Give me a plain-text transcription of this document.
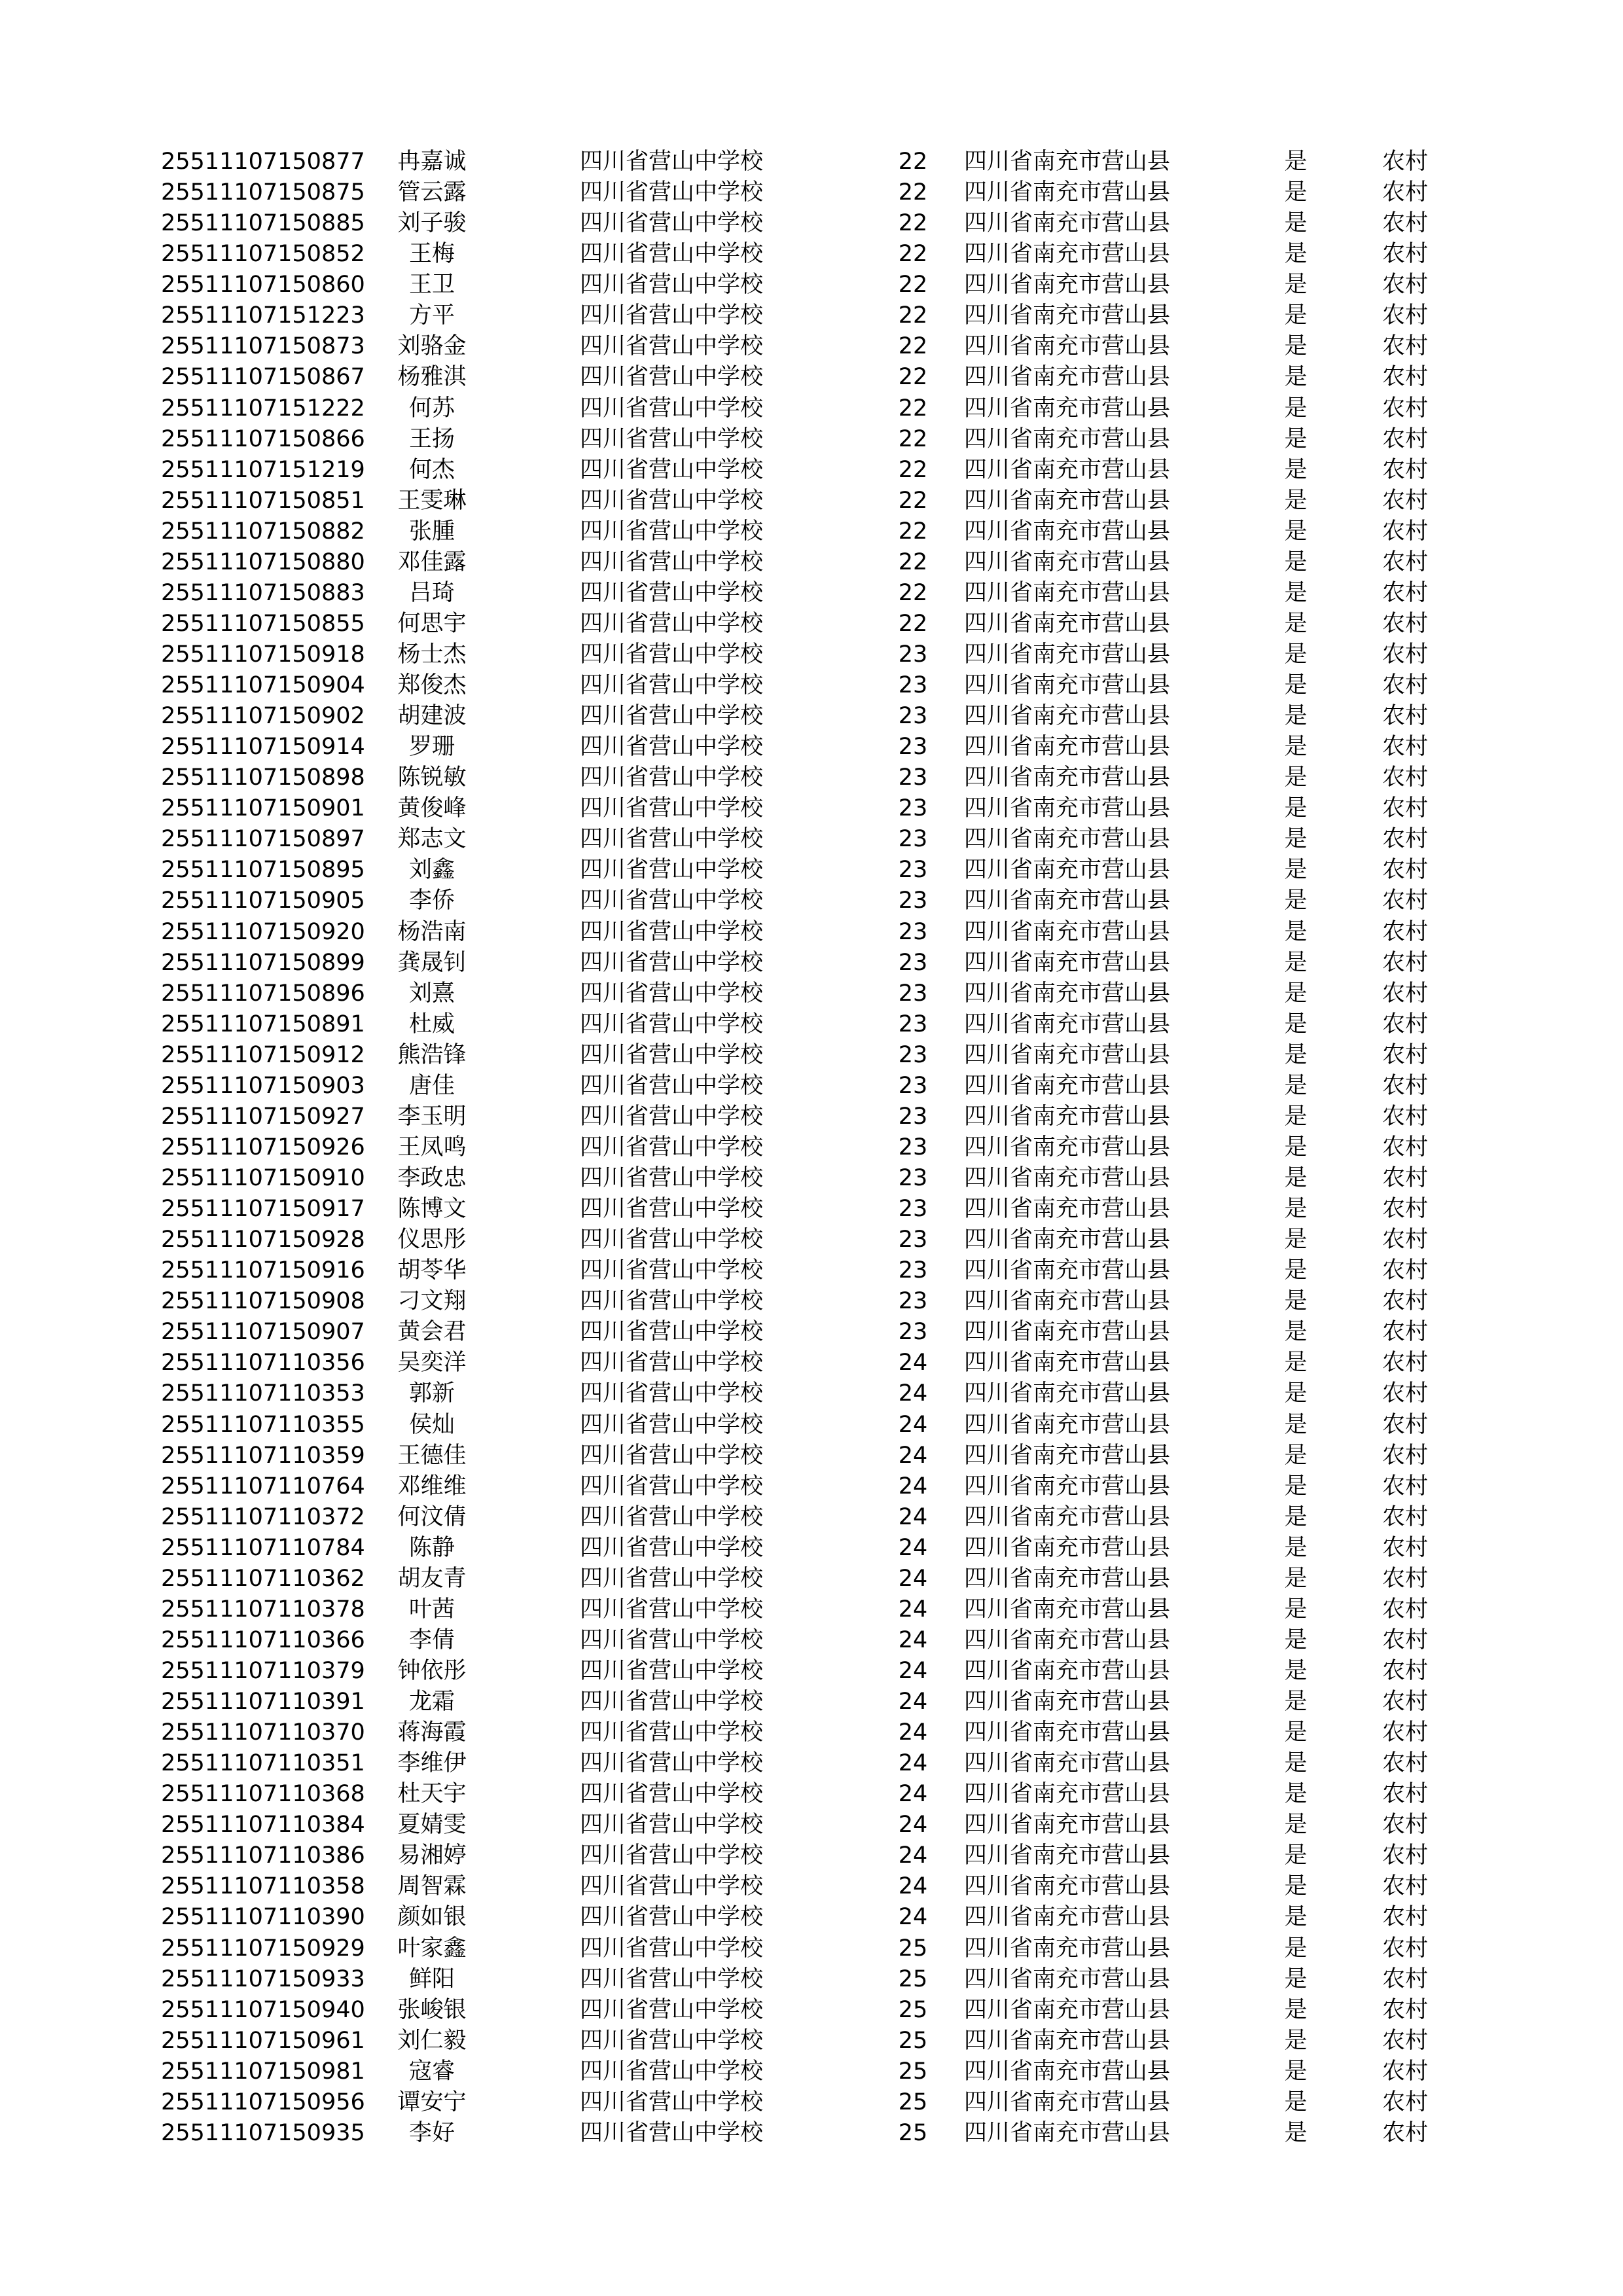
25511107150877	冉嘉诚	四川省营山中学校	22	四川省南充市营山县	是	农村
25511107150875	管云露	四川省营山中学校	22	四川省南充市营山县	是	农村
25511107150885	刘子骏	四川省营山中学校	22	四川省南充市营山县	是	农村
25511107150852	王梅	四川省营山中学校	22	四川省南充市营山县	是	农村
25511107150860	王卫	四川省营山中学校	22	四川省南充市营山县	是	农村
25511107151223	方平	四川省营山中学校	22	四川省南充市营山县	是	农村
25511107150873	刘骆金	四川省营山中学校	22	四川省南充市营山县	是	农村
25511107150867	杨雅淇	四川省营山中学校	22	四川省南充市营山县	是	农村
25511107151222	何苏	四川省营山中学校	22	四川省南充市营山县	是	农村
25511107150866	王扬	四川省营山中学校	22	四川省南充市营山县	是	农村
25511107151219	何杰	四川省营山中学校	22	四川省南充市营山县	是	农村
25511107150851	王雯琳	四川省营山中学校	22	四川省南充市营山县	是	农村
25511107150882	张腫	四川省营山中学校	22	四川省南充市营山县	是	农村
25511107150880	邓佳露	四川省营山中学校	22	四川省南充市营山县	是	农村
25511107150883	吕琦	四川省营山中学校	22	四川省南充市营山县	是	农村
25511107150855	何思宇	四川省营山中学校	22	四川省南充市营山县	是	农村
25511107150918	杨士杰	四川省营山中学校	23	四川省南充市营山县	是	农村
25511107150904	郑俊杰	四川省营山中学校	23	四川省南充市营山县	是	农村
25511107150902	胡建波	四川省营山中学校	23	四川省南充市营山县	是	农村
25511107150914	罗珊	四川省营山中学校	23	四川省南充市营山县	是	农村
25511107150898	陈锐敏	四川省营山中学校	23	四川省南充市营山县	是	农村
25511107150901	黄俊峰	四川省营山中学校	23	四川省南充市营山县	是	农村
25511107150897	郑志文	四川省营山中学校	23	四川省南充市营山县	是	农村
25511107150895	刘鑫	四川省营山中学校	23	四川省南充市营山县	是	农村
25511107150905	李侨	四川省营山中学校	23	四川省南充市营山县	是	农村
25511107150920	杨浩南	四川省营山中学校	23	四川省南充市营山县	是	农村
25511107150899	龚晟钊	四川省营山中学校	23	四川省南充市营山县	是	农村
25511107150896	刘熹	四川省营山中学校	23	四川省南充市营山县	是	农村
25511107150891	杜威	四川省营山中学校	23	四川省南充市营山县	是	农村
25511107150912	熊浩锋	四川省营山中学校	23	四川省南充市营山县	是	农村
25511107150903	唐佳	四川省营山中学校	23	四川省南充市营山县	是	农村
25511107150927	李玉明	四川省营山中学校	23	四川省南充市营山县	是	农村
25511107150926	王凤鸣	四川省营山中学校	23	四川省南充市营山县	是	农村
25511107150910	李政忠	四川省营山中学校	23	四川省南充市营山县	是	农村
25511107150917	陈博文	四川省营山中学校	23	四川省南充市营山县	是	农村
25511107150928	仪思彤	四川省营山中学校	23	四川省南充市营山县	是	农村
25511107150916	胡苓华	四川省营山中学校	23	四川省南充市营山县	是	农村
25511107150908	刁文翔	四川省营山中学校	23	四川省南充市营山县	是	农村
25511107150907	黄会君	四川省营山中学校	23	四川省南充市营山县	是	农村
25511107110356	吴奕洋	四川省营山中学校	24	四川省南充市营山县	是	农村
25511107110353	郭新	四川省营山中学校	24	四川省南充市营山县	是	农村
25511107110355	侯灿	四川省营山中学校	24	四川省南充市营山县	是	农村
25511107110359	王德佳	四川省营山中学校	24	四川省南充市营山县	是	农村
25511107110764	邓维维	四川省营山中学校	24	四川省南充市营山县	是	农村
25511107110372	何汶倩	四川省营山中学校	24	四川省南充市营山县	是	农村
25511107110784	陈静	四川省营山中学校	24	四川省南充市营山县	是	农村
25511107110362	胡友青	四川省营山中学校	24	四川省南充市营山县	是	农村
25511107110378	叶茜	四川省营山中学校	24	四川省南充市营山县	是	农村
25511107110366	李倩	四川省营山中学校	24	四川省南充市营山县	是	农村
25511107110379	钟依彤	四川省营山中学校	24	四川省南充市营山县	是	农村
25511107110391	龙霜	四川省营山中学校	24	四川省南充市营山县	是	农村
25511107110370	蒋海霞	四川省营山中学校	24	四川省南充市营山县	是	农村
25511107110351	李维伊	四川省营山中学校	24	四川省南充市营山县	是	农村
25511107110368	杜天宇	四川省营山中学校	24	四川省南充市营山县	是	农村
25511107110384	夏婧雯	四川省营山中学校	24	四川省南充市营山县	是	农村
25511107110386	易湘婷	四川省营山中学校	24	四川省南充市营山县	是	农村
25511107110358	周智霖	四川省营山中学校	24	四川省南充市营山县	是	农村
25511107110390	颜如银	四川省营山中学校	24	四川省南充市营山县	是	农村
25511107150929	叶家鑫	四川省营山中学校	25	四川省南充市营山县	是	农村
25511107150933	鲜阳	四川省营山中学校	25	四川省南充市营山县	是	农村
25511107150940	张峻银	四川省营山中学校	25	四川省南充市营山县	是	农村
25511107150961	刘仁毅	四川省营山中学校	25	四川省南充市营山县	是	农村
25511107150981	寇睿	四川省营山中学校	25	四川省南充市营山县	是	农村
25511107150956	谭安宁	四川省营山中学校	25	四川省南充市营山县	是	农村
25511107150935	李好	四川省营山中学校	25	四川省南充市营山县	是	农村
